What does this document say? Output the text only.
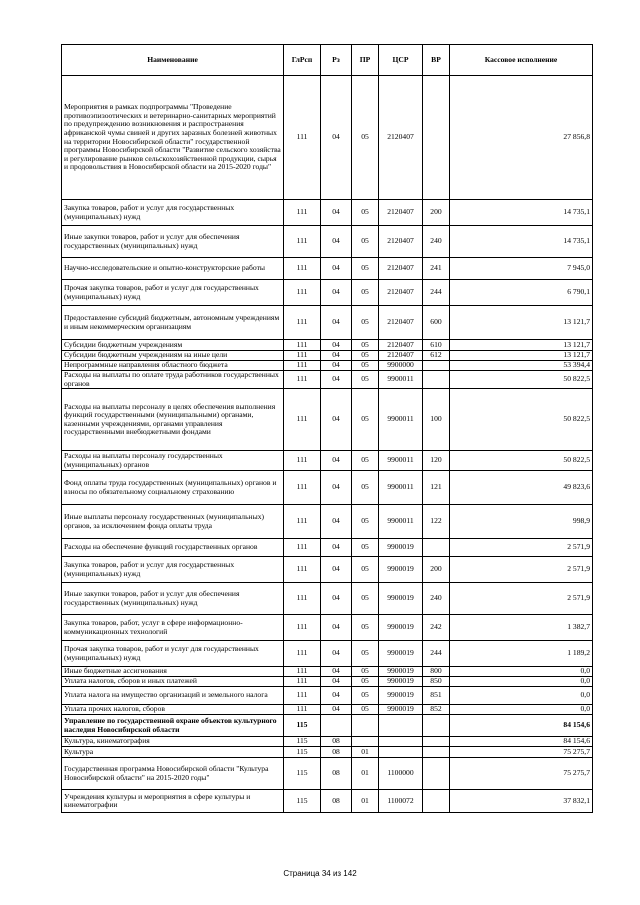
Наименование	ГлРсп	Рз	ПР	ЦСР	ВР	Кассовое исполнение
Мероприятия в рамках подпрограммы "Проведение противоэпизоотических и ветеринарно-санитарных мероприятий по предупреждению возникновения и распространения африканской чумы свиней и других заразных болезней животных на территории Новосибирской области" государственной программы Новосибирской области "Развитие сельского хозяйства и регулирование рынков сельскохозяйственной продукции, сырья и продовольствия в Новосибирской области на 2015-2020 годы"	111	04	05	2120407		27 856,8
Закупка товаров, работ и услуг для государственных (муниципальных) нужд	111	04	05	2120407	200	14 735,1
Иные закупки товаров, работ и услуг для обеспечения государственных (муниципальных) нужд	111	04	05	2120407	240	14 735,1
Научно-исследовательские и опытно-конструкторские работы	111	04	05	2120407	241	7 945,0
Прочая закупка товаров, работ и услуг для государственных (муниципальных) нужд	111	04	05	2120407	244	6 790,1
Предоставление субсидий бюджетным, автономным учреждениям и иным некоммерческим организациям	111	04	05	2120407	600	13 121,7
Субсидии бюджетным учреждениям	111	04	05	2120407	610	13 121,7
Субсидии бюджетным учреждениям на иные цели	111	04	05	2120407	612	13 121,7
Непрограммные направления областного бюджета	111	04	05	9900000		53 394,4
Расходы на выплаты по оплате труда работников государственных органов	111	04	05	9900011		50 822,5
Расходы на выплаты персоналу в целях обеспечения выполнения функций государственными (муниципальными) органами, казенными учреждениями, органами управления государственными внебюджетными фондами	111	04	05	9900011	100	50 822,5
Расходы на выплаты персоналу государственных (муниципальных) органов	111	04	05	9900011	120	50 822,5
Фонд оплаты труда государственных (муниципальных) органов и взносы по обязательному социальному страхованию	111	04	05	9900011	121	49 823,6
Иные выплаты персоналу государственных (муниципальных) органов, за исключением фонда оплаты труда	111	04	05	9900011	122	998,9
Расходы на обеспечение функций государственных органов	111	04	05	9900019		2 571,9
Закупка товаров, работ и услуг для государственных (муниципальных) нужд	111	04	05	9900019	200	2 571,9
Иные закупки товаров, работ и услуг для обеспечения государственных (муниципальных) нужд	111	04	05	9900019	240	2 571,9
Закупка товаров, работ, услуг в сфере информационно-коммуникационных технологий	111	04	05	9900019	242	1 382,7
Прочая закупка товаров, работ и услуг для государственных (муниципальных) нужд	111	04	05	9900019	244	1 189,2
Иные бюджетные ассигнования	111	04	05	9900019	800	0,0
Уплата налогов, сборов и иных платежей	111	04	05	9900019	850	0,0
Уплата налога на имущество организаций и земельного налога	111	04	05	9900019	851	0,0
Уплата прочих налогов, сборов	111	04	05	9900019	852	0,0
Управление по государственной охране объектов культурного наследия Новосибирской области	115					84 154,6
Культура, кинематография	115	08				84 154,6
Культура	115	08	01			75 275,7
Государственная программа Новосибирской области "Культура Новосибирской области" на 2015-2020 годы"	115	08	01	1100000		75 275,7
Учреждения культуры и мероприятия в сфере культуры и кинематографии	115	08	01	1100072		37 832,1
Страница 34 из 142
